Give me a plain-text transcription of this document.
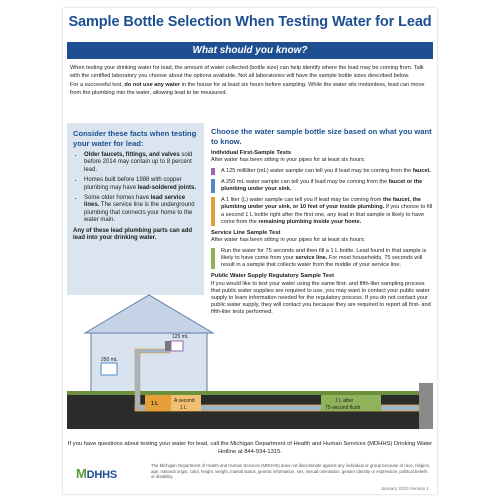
Sample Bottle Selection When Testing Water for Lead
What should you know?

When testing your drinking water for lead, the amount of water collected (bottle size) can help identify where the lead may be coming from. Talk with the certified laboratory you choose about the options available. Not all laboratories will have the sample bottle sizes described below.

For a successful test, do not use any water in the house for at least six hours before sampling. While the water sits motionless, lead can move from the plumbing into the water, allowing lead to be measured.

Consider these facts when testing your water for lead:
• Older faucets, fittings, and valves sold before 2014 may contain up to 8 percent lead.
• Homes built before 1988 with copper plumbing may have lead-soldered joints.
• Some older homes have lead service lines. The service line is the underground plumbing that connects your home to the water main.
Any of these lead plumbing parts can add lead into your drinking water.
Choose the water sample bottle size based on what you want to know.
Individual First-Sample Tests
After water has been sitting in your pipes for at least six hours:
A 125 milliliter (mL) water sample can tell you if lead may be coming from the faucet.
A 250 mL water sample can tell you if lead may be coming from the faucet or the plumbing under your sink.
A 1 liter (L) water sample can tell you if lead may be coming from the faucet, the plumbing under your sink, or 10 feet of your inside plumbing. If you choose to fill a second 1 L bottle right after the first one, any lead in that sample is likely to have come from the remaining plumbing inside your home.
Service Line Sample Test
After water has been sitting in your pipes for at least six hours:
Run the water for 75 seconds and then fill a 1 L bottle. Lead found in that sample is likely to have come from your service line. For most households, 75 seconds will result in a sample that collects water from the middle of your service line.
Public Water Supply Regulatory Sample Test
If you would like to test your water using the same first- and fifth-liter sampling process that public water supplies are required to use, you may want to contact your public water supply to learn information needed for the regulatory process. If you do not contact your public water supply, they will contact you because they are required to report all first- and fifth-liter tests performed.
125 mL
250 mL
1 L	A second
1 L
1 L after
75-second flush
If you have questions about testing your water for lead, call the Michigan Department of Health and Human Services (MDHHS) Drinking Water Hotline at 844-934-1315.
MDHHS
The Michigan Department of Health and Human Services (MDHHS) does not discriminate against any individual or group because of race, religion, age, national origin, color, height, weight, marital status, genetic information, sex, sexual orientation, gender identity or expression, political beliefs or disability.
January 2020 Version 1
